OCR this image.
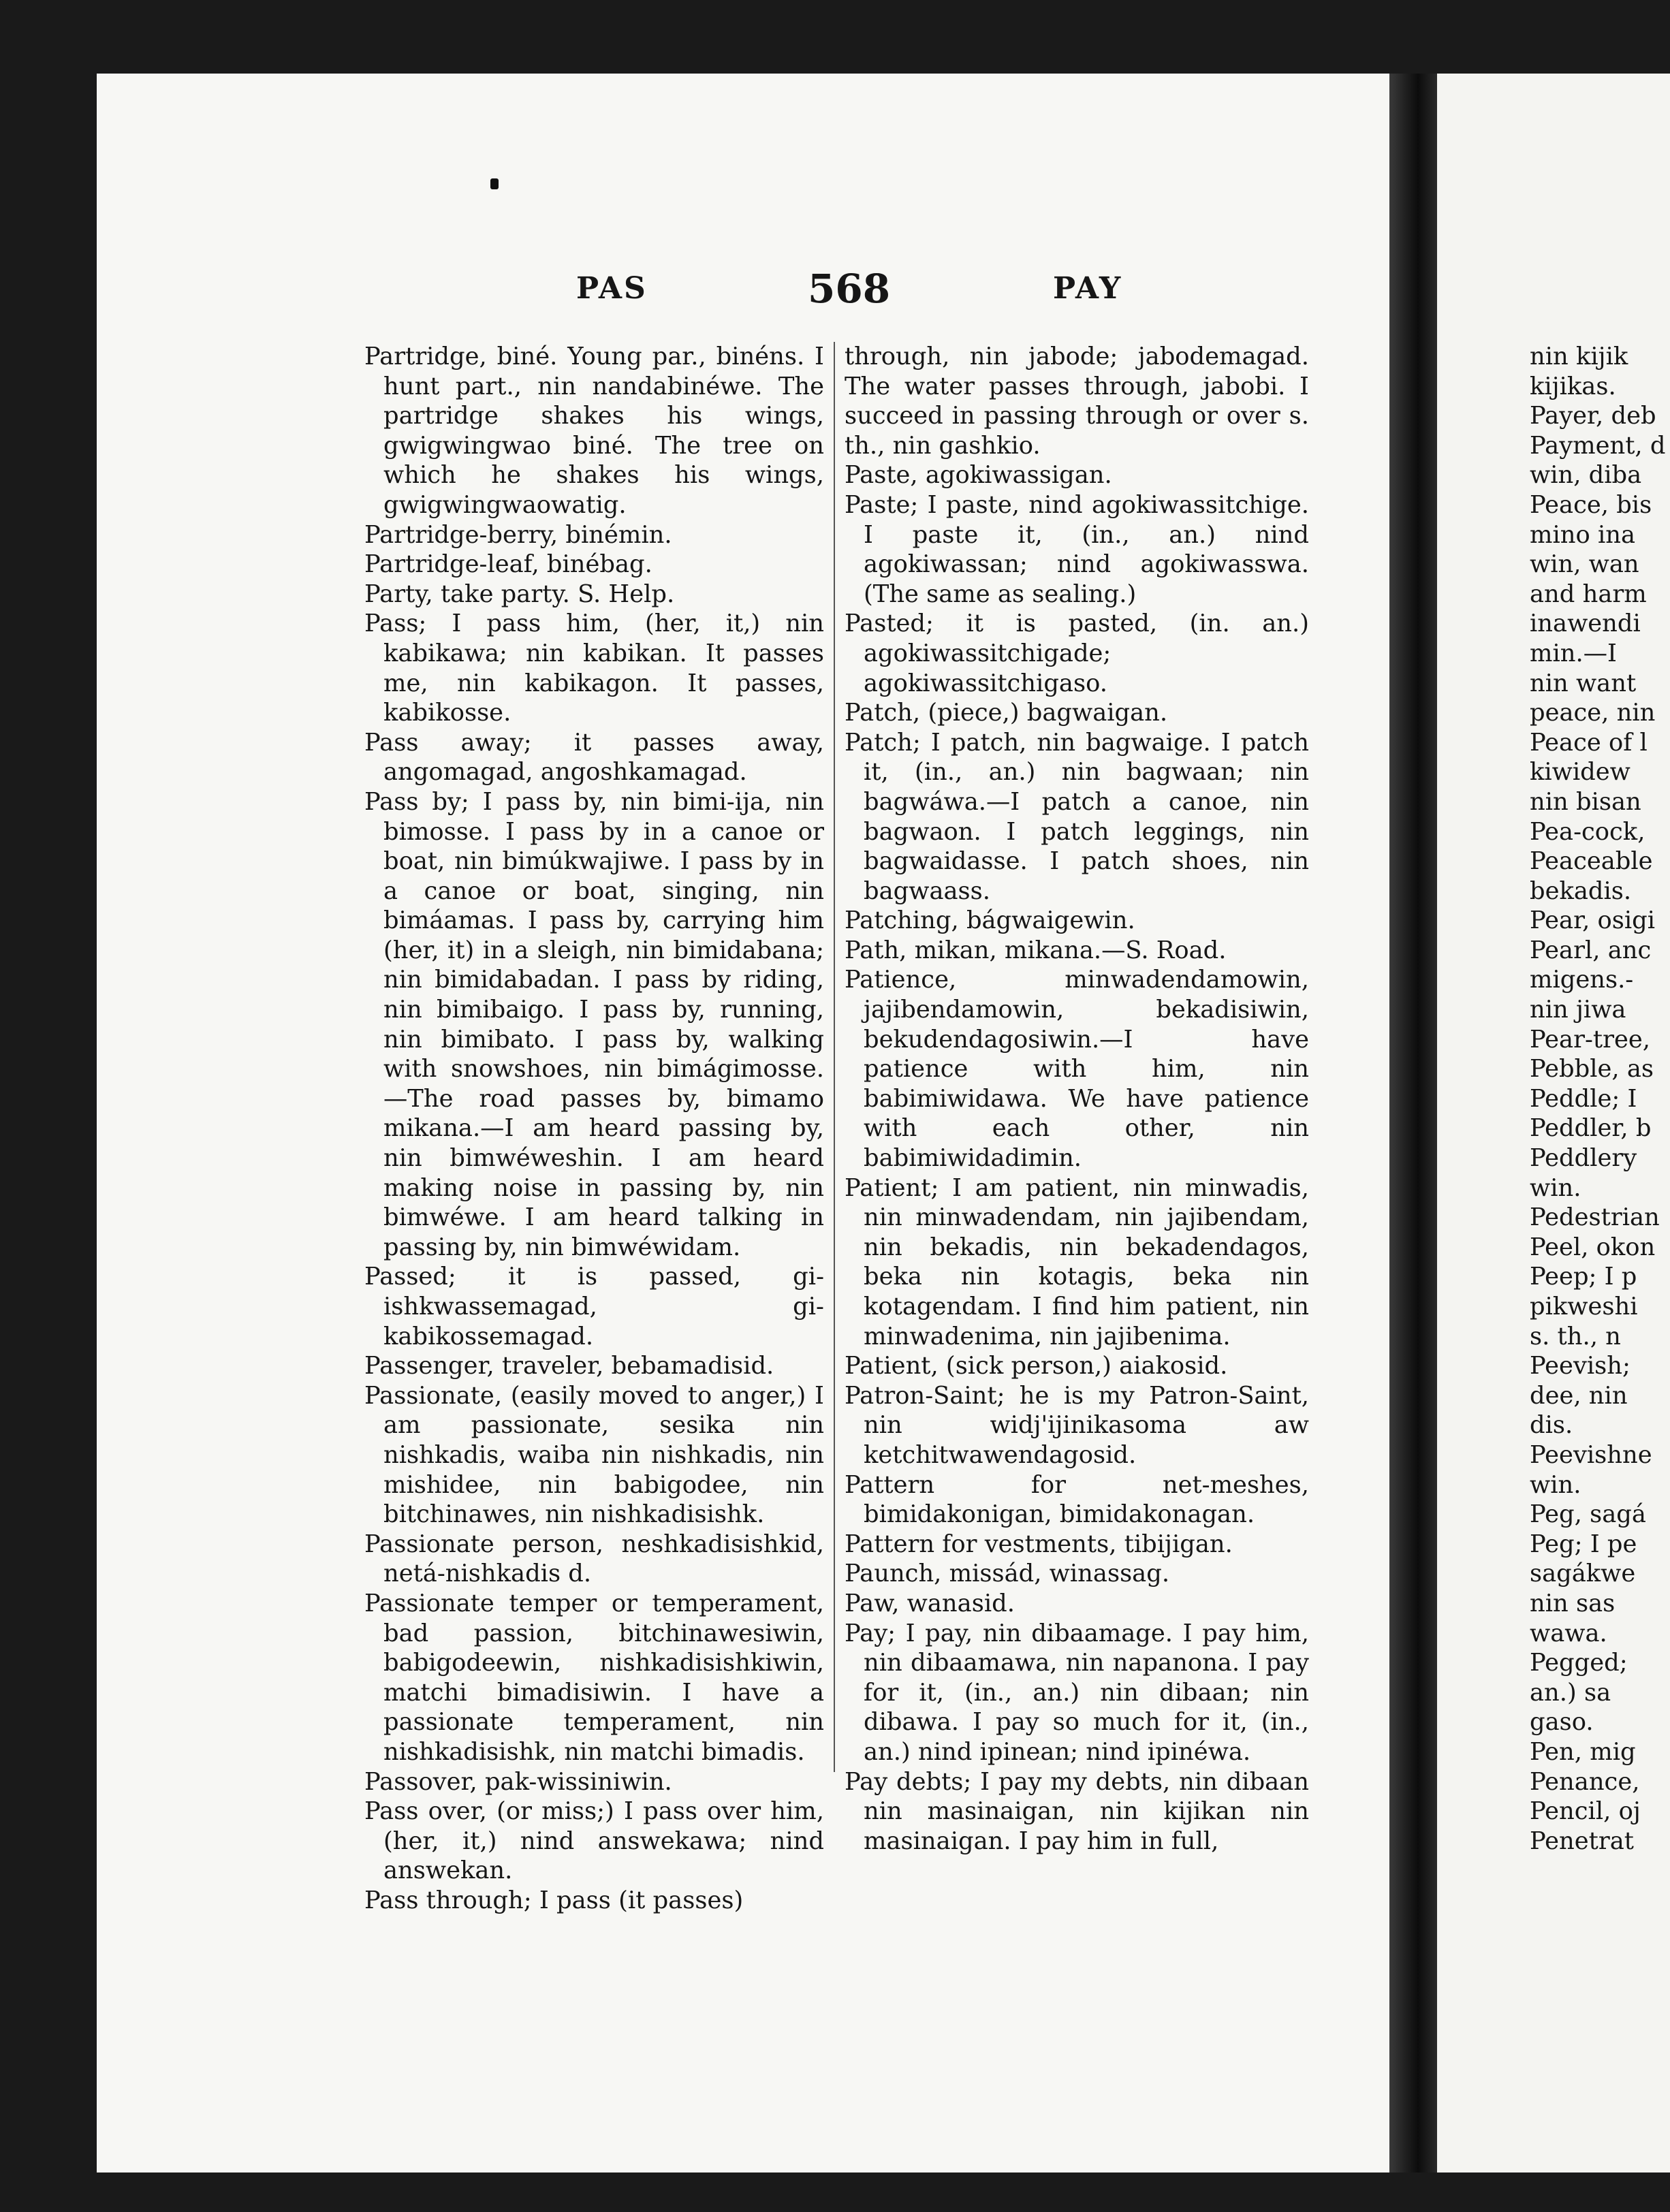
PAS	568	PAY

Partridge, biné. Young par., binéns. I hunt part., nin nandabinéwe. The partridge shakes his wings, gwigwingwao biné. The tree on which he shakes his wings, gwigwingwaowatig.

Partridge-berry, binémin.

Partridge-leaf, binébag.

Party, take party. S. Help.

Pass; I pass him, (her, it,) nin kabikawa; nin kabikan. It passes me, nin kabikagon. It passes, kabikosse.

Pass away; it passes away, angomagad, angoshkamagad.

Pass by; I pass by, nin bimi-ija, nin bimosse. I pass by in a canoe or boat, nin bimúkwajiwe. I pass by in a canoe or boat, singing, nin bimáamas. I pass by, carrying him (her, it) in a sleigh, nin bimidabana; nin bimidabadan. I pass by riding, nin bimibaigo. I pass by, running, nin bimibato. I pass by, walking with snowshoes, nin bimágimosse.—The road passes by, bimamo mikana.—I am heard passing by, nin bimwéweshin. I am heard making noise in passing by, nin bimwéwe. I am heard talking in passing by, nin bimwéwidam.

Passed; it is passed, gi-ishkwassemagad, gi-kabikossemagad.

Passenger, traveler, bebamadisid.

Passionate, (easily moved to anger,) I am passionate, sesika nin nishkadis, waiba nin nishkadis, nin mishidee, nin babigodee, nin bitchinawes, nin nishkadisishk.

Passionate person, neshkadisishkid, netá-nishkadis d.

Passionate temper or temperament, bad passion, bitchinawesiwin, babigodeewin, nishkadisishkiwin, matchi bimadisiwin. I have a passionate temperament, nin nishkadisishk, nin matchi bimadis.

Passover, pak-wissiniwin.

Pass over, (or miss;) I pass over him, (her, it,) nind answekawa; nind answekan.

Pass through; I pass (it passes)

through, nin jabode; jabodemagad. The water passes through, jabobi. I succeed in passing through or over s. th., nin gashkio.

Paste, agokiwassigan.

Paste; I paste, nind agokiwassitchige. I paste it, (in., an.) nind agokiwassan; nind agokiwasswa. (The same as sealing.)

Pasted; it is pasted, (in. an.) agokiwassitchigade; agokiwassitchigaso.

Patch, (piece,) bagwaigan.

Patch; I patch, nin bagwaige. I patch it, (in., an.) nin bagwaan; nin bagwáwa.—I patch a canoe, nin bagwaon. I patch leggings, nin bagwaidasse. I patch shoes, nin bagwaass.

Patching, bágwaigewin.

Path, mikan, mikana.—S. Road.

Patience, minwadendamowin, jajibendamowin, bekadisiwin, bekudendagosiwin.—I have patience with him, nin babimiwidawa. We have patience with each other, nin babimiwidadimin.

Patient; I am patient, nin minwadis, nin minwadendam, nin jajibendam, nin bekadis, nin bekadendagos, beka nin kotagis, beka nin kotagendam. I find him patient, nin minwadenima, nin jajibenima.

Patient, (sick person,) aiakosid.

Patron-Saint; he is my Patron-Saint, nin widj'ijinikasoma aw ketchitwawendagosid.

Pattern for net-meshes, bimidakonigan, bimidakonagan.

Pattern for vestments, tibijigan.

Paunch, missád, winassag.

Paw, wanasid.

Pay; I pay, nin dibaamage. I pay him, nin dibaamawa, nin napanona. I pay for it, (in., an.) nin dibaan; nin dibawa. I pay so much for it, (in., an.) nind ipinean; nind ipinéwa.

Pay debts; I pay my debts, nin dibaan nin masinaigan, nin kijikan nin masinaigan. I pay him in full,

nin kijik

kijikas.

Payer, deb

Payment, d

win, diba

Peace, bis

mino ina

win, wan

and harm

inawendi

min.—I

nin want

peace, nin

Peace of l

kiwidew

nin bisan

Pea-cock,

Peaceable

bekadis.

Pear, osigi

Pearl, anc

migens.-

nin jiwa

Pear-tree,

Pebble, as

Peddle; I

Peddler, b

Peddlery

win.

Pedestrian

Peel, okon

Peep; I p

pikweshi

s. th., n

Peevish;

dee, nin

dis.

Peevishne

win.

Peg, sagá

Peg; I pe

sagákwe

nin sas

wawa.

Pegged;

an.) sa

gaso.

Pen, mig

Penance,

Pencil, oj

Penetrat
